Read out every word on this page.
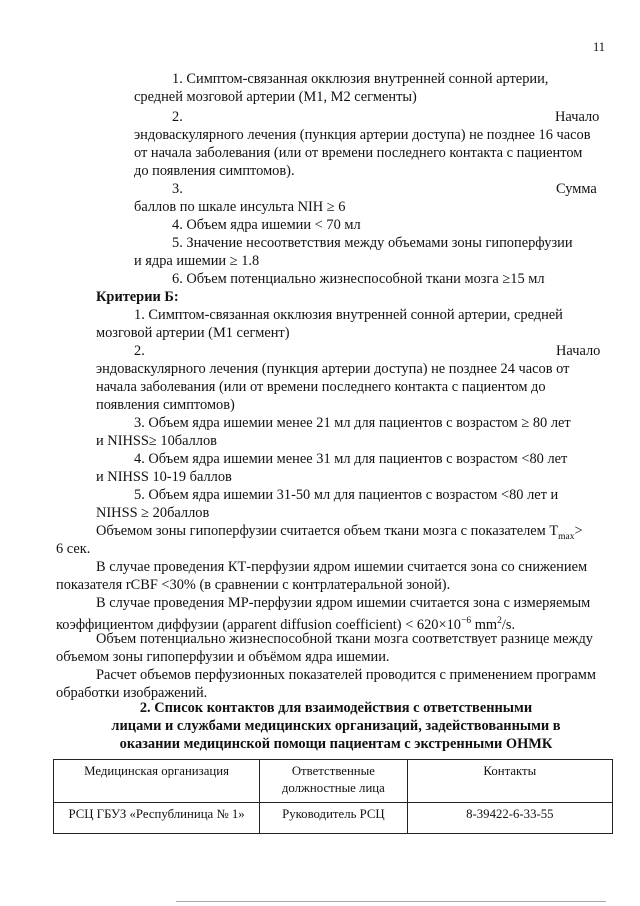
11
1. Симптом-связанная окклюзия внутренней сонной артерии,
средней мозговой артерии (М1, М2 сегменты)
2.	Начало
эндоваскулярного лечения (пункция артерии доступа) не позднее 16 часов
от начала заболевания (или от времени последнего контакта с пациентом
до появления симптомов).
3.	Сумма
баллов по шкале инсульта NIH ≥ 6
4. Объем ядра ишемии < 70 мл
5. Значение несоответствия между объемами зоны гипоперфузии
и ядра ишемии ≥ 1.8
6. Объем потенциально жизнеспособной ткани мозга ≥15 мл
Критерии Б:
1. Симптом-связанная окклюзия внутренней сонной артерии, средней
мозговой артерии (М1 сегмент)
2.	Начало
эндоваскулярного лечения (пункция артерии доступа) не позднее 24 часов от
начала заболевания (или от времени последнего контакта с пациентом до
появления симптомов)
3. Объем ядра ишемии менее 21 мл для пациентов с возрастом ≥ 80 лет
и NIHSS≥ 10баллов
4. Объем ядра ишемии менее 31 мл для пациентов с возрастом <80 лет
и NIHSS 10-19 баллов
5. Объем ядра ишемии 31-50 мл для пациентов с возрастом <80 лет и
NIHSS ≥ 20баллов
Объемом зоны гипоперфузии считается объем ткани мозга с показателем $T_{max}>$
6 сек.
В случае проведения КТ-перфузии ядром ишемии считается зона со снижением
показателя rCBF <30% (в сравнении с контрлатеральной зоной).
В случае проведения МР-перфузии ядром ишемии считается зона с измеряемым
коэффициентом диффузии (apparent diffusion coefficient) < $620\times 10^{-6}$ $mm^2/s$.
Объем потенциально жизнеспособной ткани мозга соответствует разнице между
объемом зоны гипоперфузии и объёмом ядра ишемии.
Расчет объемов перфузионных показателей проводится с применением программ
обработки изображений.
2. Список контактов для взаимодействия с ответственными
лицами и службами медицинских организаций, задействованными в
оказании медицинской помощи пациентам с экстренными ОНМК
Медицинская организация	Ответственные должностные лица	Контакты
РСЦ ГБУЗ «Республиница № 1»	Руководитель РСЦ	8-39422-6-33-55
